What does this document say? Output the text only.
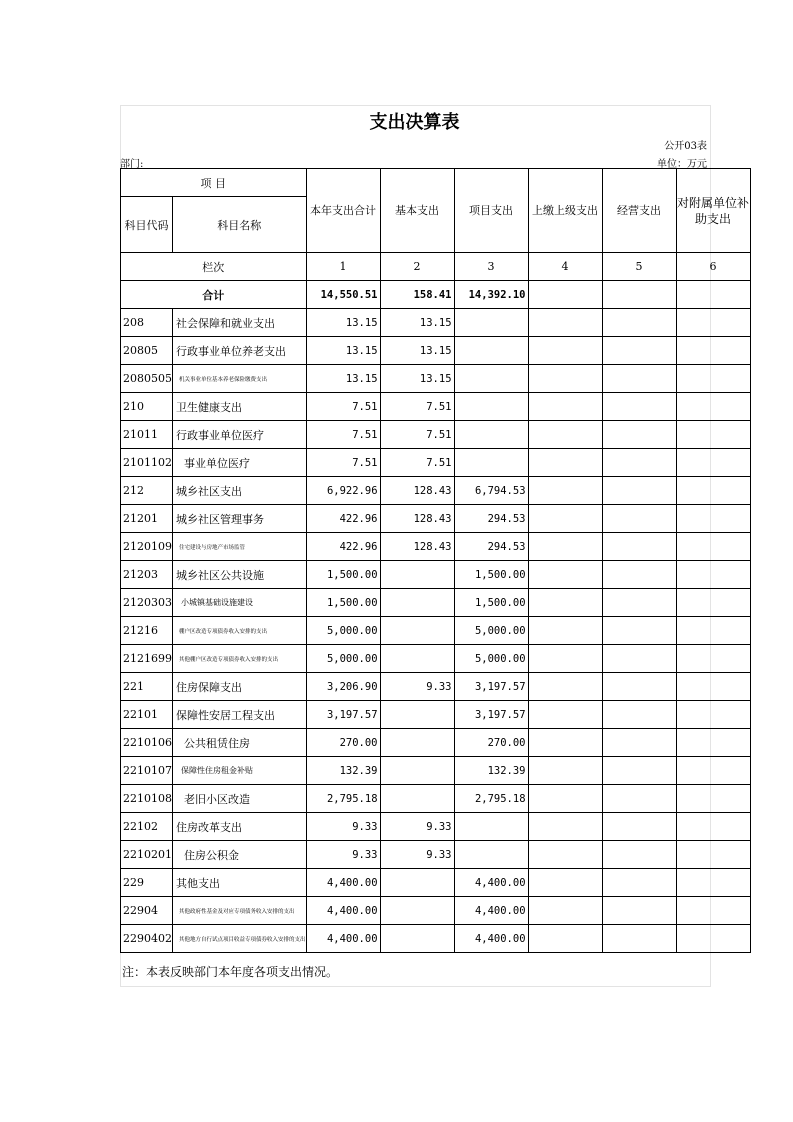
支出决算表
公开03表
部门:	单位：万元
项 目		本年支出合计	基本支出	项目支出	上缴上级支出	经营支出	对附属单位补助支出
科目代码	科目名称						
栏次		1	2	3	4	5	6
合计		14,550.51	158.41	14,392.10			
208	社会保障和就业支出	13.15	13.15				
20805	行政事业单位养老支出	13.15	13.15				
2080505	机关事业单位基本养老保险缴费支出	13.15	13.15				
210	卫生健康支出	7.51	7.51				
21011	行政事业单位医疗	7.51	7.51				
2101102	事业单位医疗	7.51	7.51				
212	城乡社区支出	6,922.96	128.43	6,794.53			
21201	城乡社区管理事务	422.96	128.43	294.53			
2120109	住宅建设与房地产市场监管	422.96	128.43	294.53			
21203	城乡社区公共设施	1,500.00		1,500.00			
2120303	小城镇基础设施建设	1,500.00		1,500.00			
21216	棚户区改造专项债券收入安排的支出	5,000.00		5,000.00			
2121699	其他棚户区改造专项债券收入安排的支出	5,000.00		5,000.00			
221	住房保障支出	3,206.90	9.33	3,197.57			
22101	保障性安居工程支出	3,197.57		3,197.57			
2210106	公共租赁住房	270.00		270.00			
2210107	保障性住房租金补贴	132.39		132.39			
2210108	老旧小区改造	2,795.18		2,795.18			
22102	住房改革支出	9.33	9.33				
2210201	住房公积金	9.33	9.33				
229	其他支出	4,400.00		4,400.00			
22904	其他政府性基金及对应专项债务收入安排的支出	4,400.00		4,400.00			
2290402	其他地方自行试点项目收益专项债券收入安排的支出	4,400.00		4,400.00			
注：本表反映部门本年度各项支出情况。
